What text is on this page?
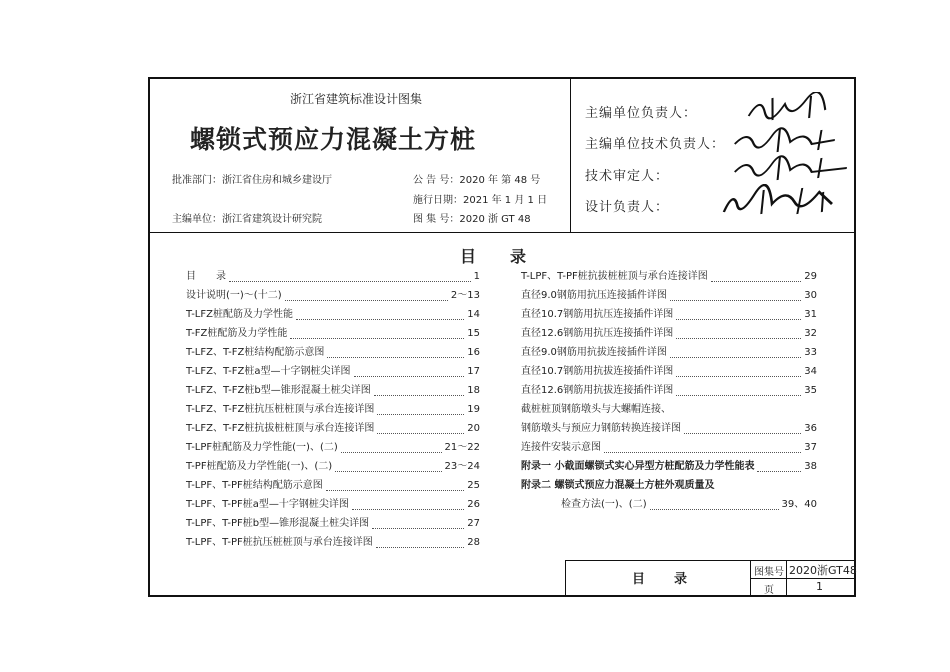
浙江省建筑标准设计图集
螺锁式预应力混凝土方桩
批准部门：浙江省住房和城乡建设厅
主编单位：浙江省建筑设计研究院
公 告 号：2020 年 第 48 号
施行日期：2021 年 1 月 1 日
图 集 号：2020 浙 GT 48
主编单位负责人：
主编单位技术负责人：
技术审定人：
设计负责人：
目录
目　　录	1
设计说明(一)～(十二)	2～13
T-LFZ桩配筋及力学性能	14
T-FZ桩配筋及力学性能	15
T-LFZ、T-FZ桩结构配筋示意图	16
T-LFZ、T-FZ桩a型—十字钢桩尖详图	17
T-LFZ、T-FZ桩b型—锥形混凝土桩尖详图	18
T-LFZ、T-FZ桩抗压桩桩顶与承台连接详图	19
T-LFZ、T-FZ桩抗拔桩桩顶与承台连接详图	20
T-LPF桩配筋及力学性能(一)、(二)	21～22
T-PF桩配筋及力学性能(一)、(二)	23～24
T-LPF、T-PF桩结构配筋示意图	25
T-LPF、T-PF桩a型—十字钢桩尖详图	26
T-LPF、T-PF桩b型—锥形混凝土桩尖详图	27
T-LPF、T-PF桩抗压桩桩顶与承台连接详图	28
T-LPF、T-PF桩抗拔桩桩顶与承台连接详图	29
直径9.0钢筋用抗压连接插件详图	30
直径10.7钢筋用抗压连接插件详图	31
直径12.6钢筋用抗压连接插件详图	32
直径9.0钢筋用抗拔连接插件详图	33
直径10.7钢筋用抗拔连接插件详图	34
直径12.6钢筋用抗拔连接插件详图	35
截桩桩顶钢筋墩头与大螺帽连接、
钢筋墩头与预应力钢筋转换连接详图	36
连接件安装示意图	37
附录一 小截面螺锁式实心异型方桩配筋及力学性能表	38
附录二 螺锁式预应力混凝土方桩外观质量及
　　　　检查方法(一)、(二)	39、40
目　录	图集号 2020浙GT48
页	1
